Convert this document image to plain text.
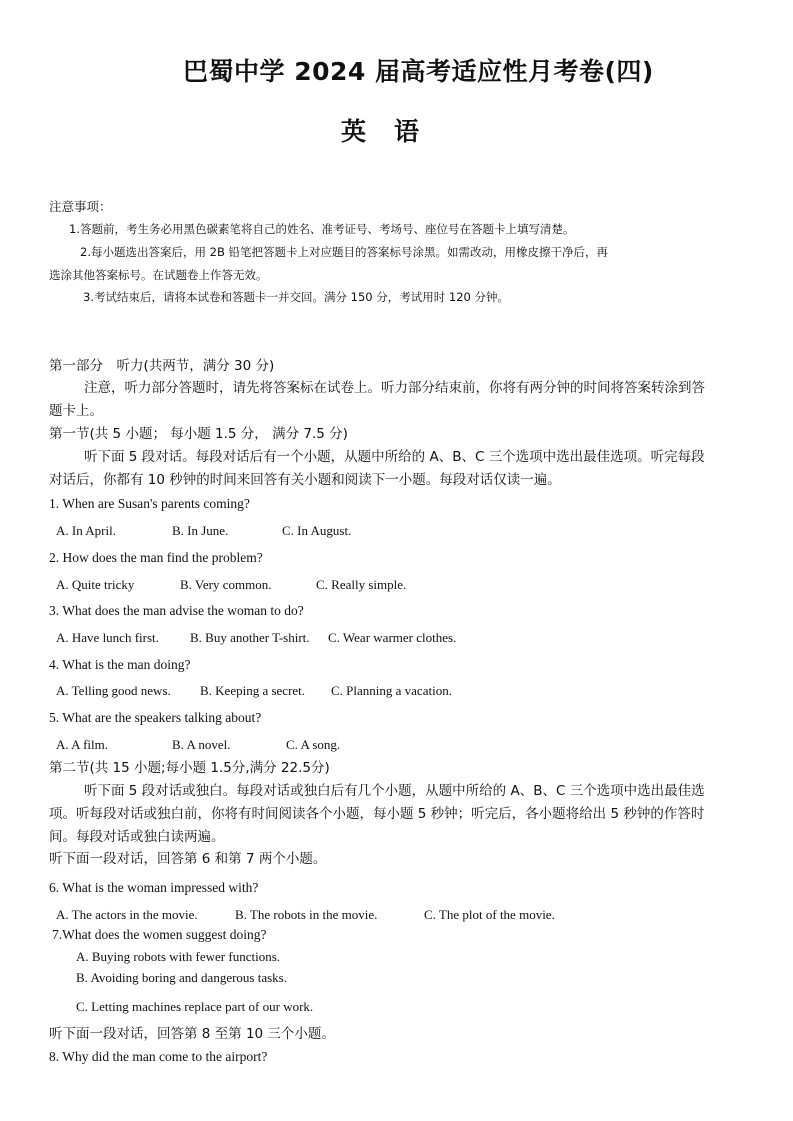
巴蜀中学 2024 届高考适应性月考卷(四)
英语
注意事项：
1.答题前，考生务必用黑色碳素笔将自己的姓名、准考证号、考场号、座位号在答题卡上填写清楚。
2.每小题选出答案后，用 2B 铅笔把答题卡上对应题目的答案标号涂黑。如需改动，用橡皮擦干净后，再
选涂其他答案标号。在试题卷上作答无效。
3.考试结束后，请将本试卷和答题卡一并交回。满分 150 分，考试用时 120 分钟。
第一部分　听力(共两节，满分 30 分)
注意，听力部分答题时，请先将答案标在试卷上。听力部分结束前，你将有两分钟的时间将答案转涂到答
题卡上。
第一节(共 5 小题； 每小题 1.5 分， 满分 7.5 分)
听下面 5 段对话。每段对话后有一个小题，从题中所给的 A、B、C 三个选项中选出最佳选项。听完每段
对话后，你都有 10 秒钟的时间来回答有关小题和阅读下一小题。每段对话仅读一遍。
1. When are Susan's parents coming?
A. In April.	B. In June.	C. In August.
2. How does the man find the problem?
A. Quite tricky	B. Very common.	C. Really simple.
3. What does the man advise the woman to do?
A. Have lunch first. B. Buy another T-shirt. C. Wear warmer clothes.
4. What is the man doing?
A. Telling good news. B. Keeping a secret. C. Planning a vacation.
5. What are the speakers talking about?
A. A film.	B. A novel.	C. A song.
第二节(共 15 小题;每小题 1.5分,满分 22.5分)
听下面 5 段对话或独白。每段对话或独白后有几个小题，从题中所给的 A、B、C 三个选项中选出最佳选
项。听每段对话或独白前，你将有时间阅读各个小题，每小题 5 秒钟；听完后，各小题将给出 5 秒钟的作答时
间。每段对话或独白读两遍。
听下面一段对话，回答第 6 和第 7 两个小题。
6. What is the woman impressed with?
A. The actors in the movie.	B. The robots in the movie.	C. The plot of the movie.
7.What does the women suggest doing?
A. Buying robots with fewer functions.
B. Avoiding boring and dangerous tasks.
C. Letting machines replace part of our work.
听下面一段对话，回答第 8 至第 10 三个小题。
8. Why did the man come to the airport?
